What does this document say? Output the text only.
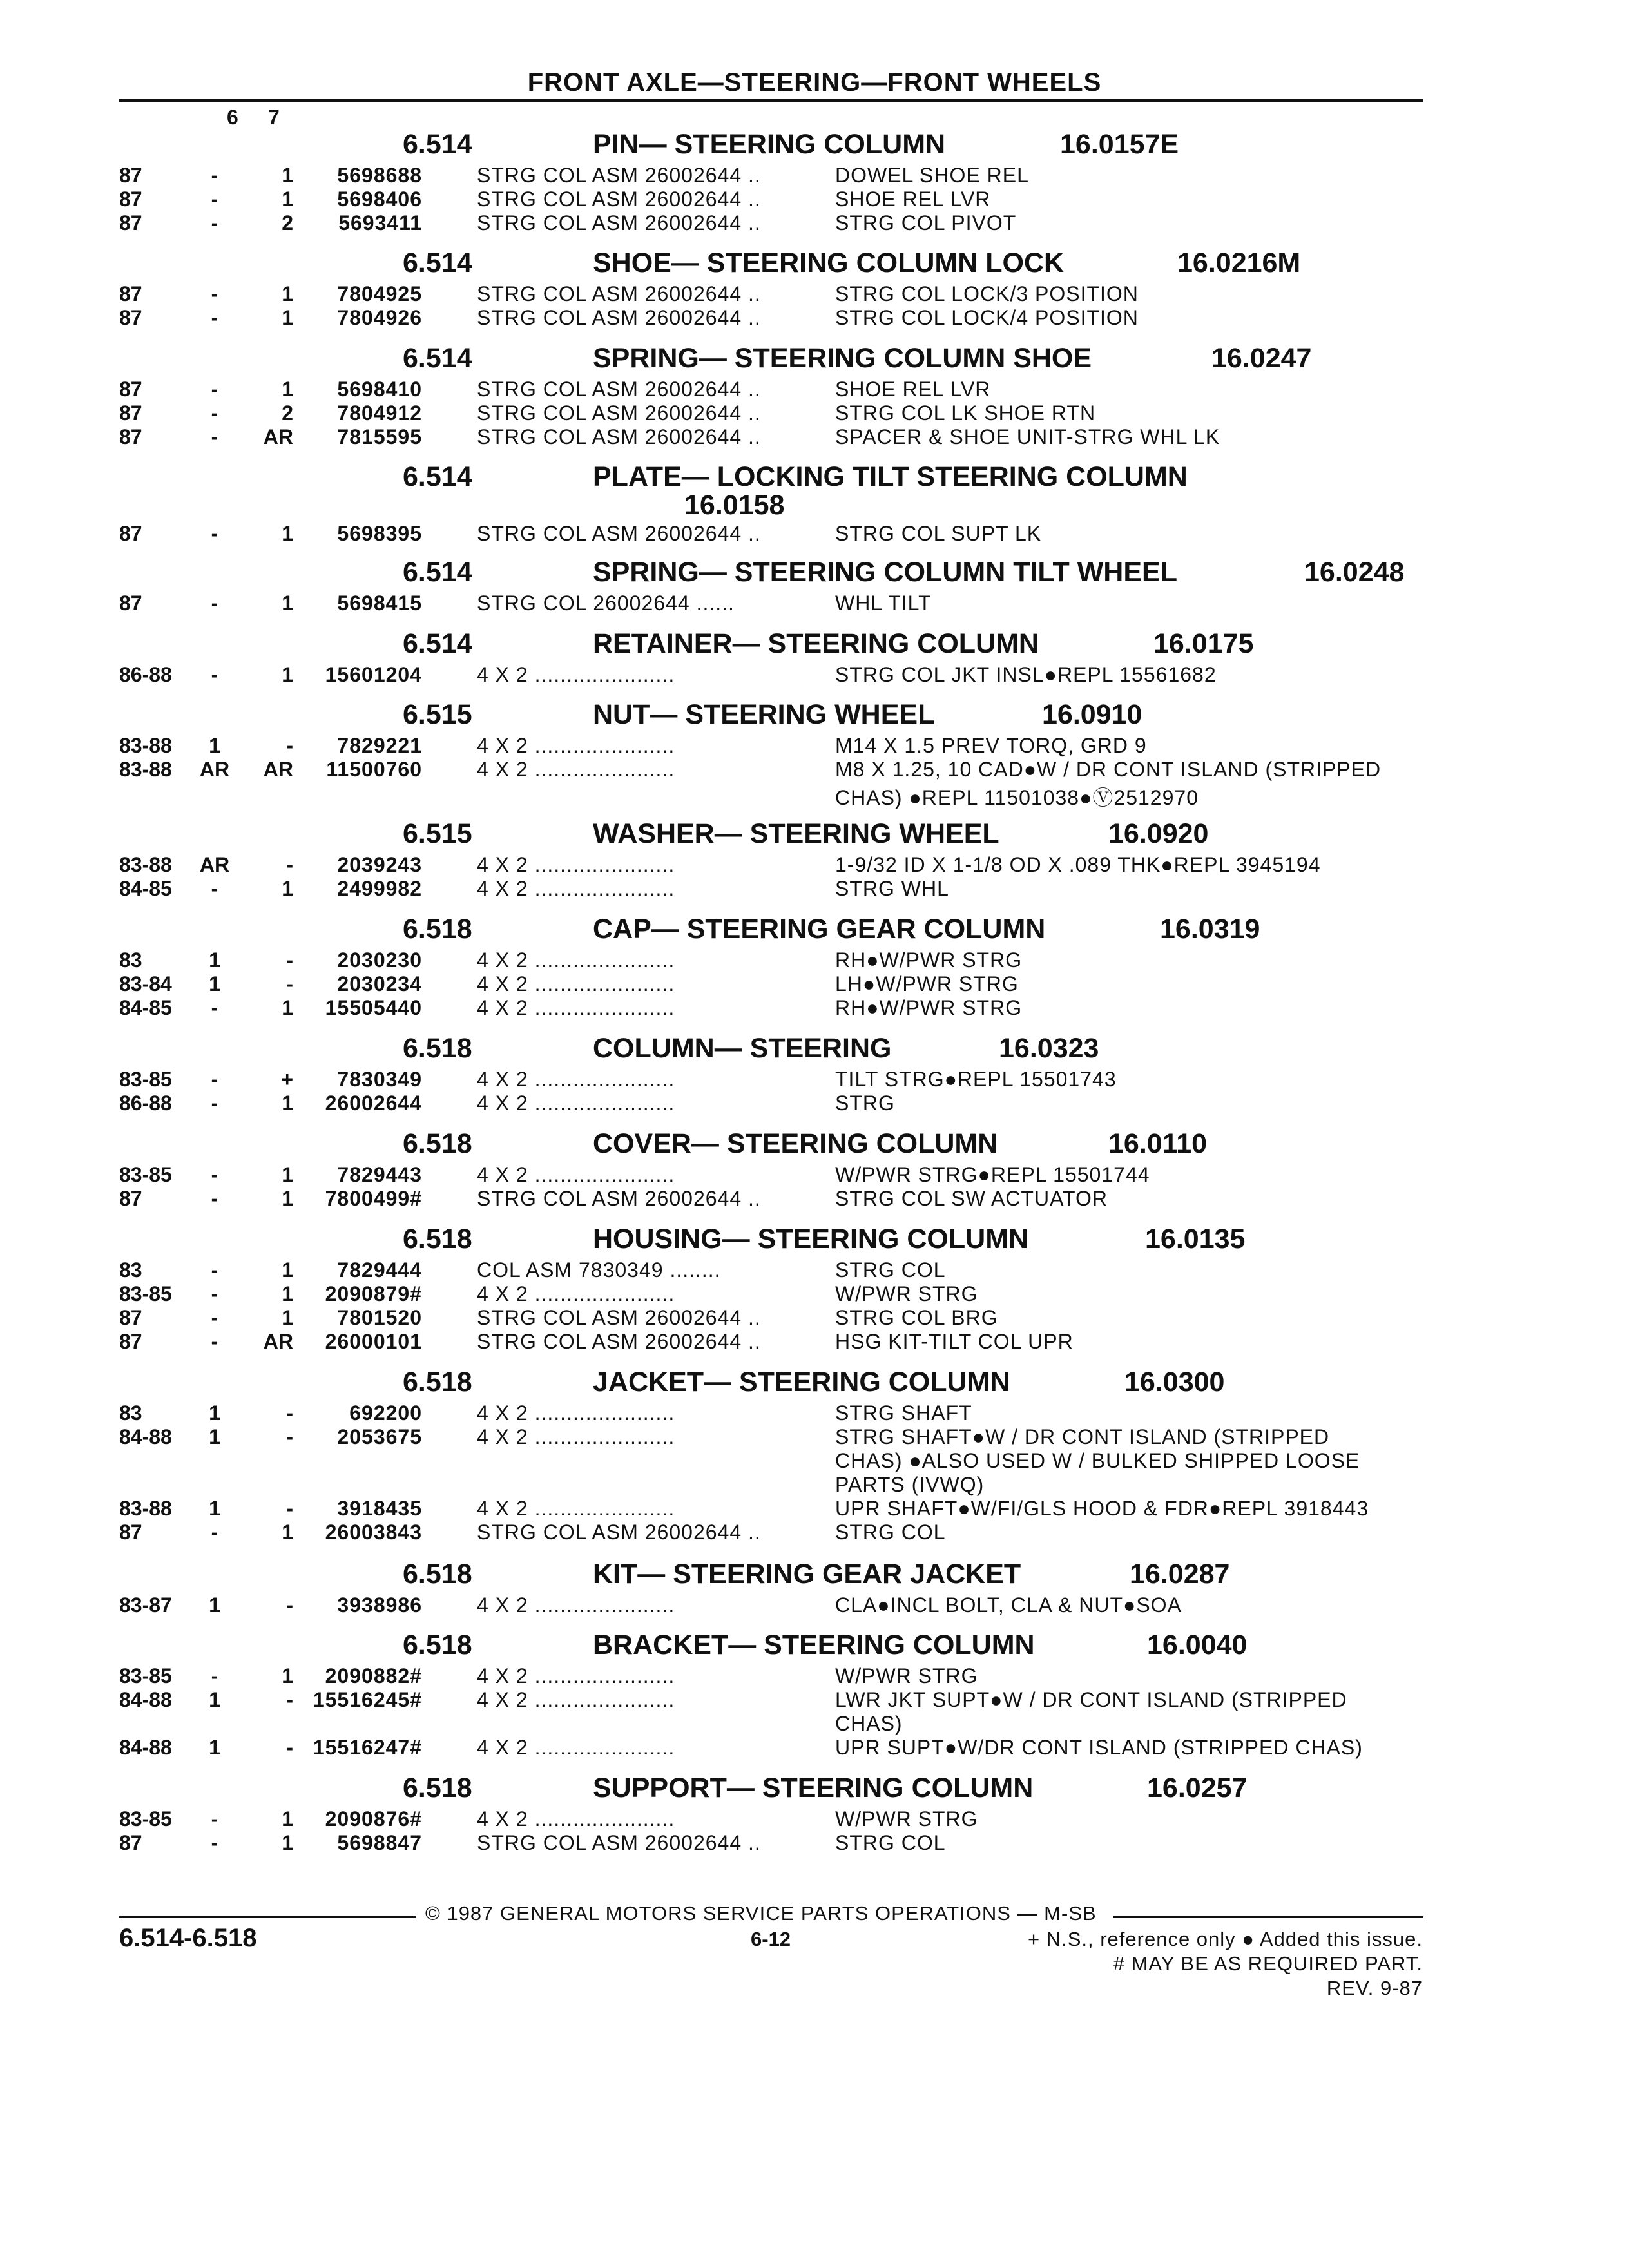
FRONT AXLE—STEERING—FRONT WHEELS
6 7
6.514	PIN— STEERING COLUMN	16.0157E
87	-	1	5698688	STRG COL ASM 26002644 ..	DOWEL SHOE REL
87	-	1	5698406	STRG COL ASM 26002644 ..	SHOE REL LVR
87	-	2	5693411	STRG COL ASM 26002644 ..	STRG COL PIVOT
6.514	SHOE— STEERING COLUMN LOCK	16.0216M
87	-	1	7804925	STRG COL ASM 26002644 ..	STRG COL LOCK/3 POSITION
87	-	1	7804926	STRG COL ASM 26002644 ..	STRG COL LOCK/4 POSITION
6.514	SPRING— STEERING COLUMN SHOE	16.0247
87	-	1	5698410	STRG COL ASM 26002644 ..	SHOE REL LVR
87	-	2	7804912	STRG COL ASM 26002644 ..	STRG COL LK SHOE RTN
87	-	AR	7815595	STRG COL ASM 26002644 ..	SPACER & SHOE UNIT-STRG WHL LK
6.514	PLATE— LOCKING TILT STEERING COLUMN
16.0158
87	-	1	5698395	STRG COL ASM 26002644 ..	STRG COL SUPT LK
6.514	SPRING— STEERING COLUMN TILT WHEEL	16.0248
87	-	1	5698415	STRG COL 26002644 ......	WHL TILT
6.514	RETAINER— STEERING COLUMN	16.0175
86-88	-	1	15601204	4 X 2 ......................	STRG COL JKT INSL●REPL 15561682
6.515	NUT— STEERING WHEEL	16.0910
83-88	1	-	7829221	4 X 2 ......................	M14 X 1.5 PREV TORQ, GRD 9
83-88	AR	AR	11500760	4 X 2 ......................	M8 X 1.25, 10 CAD●W / DR CONT ISLAND (STRIPPED
CHAS) ●REPL 11501038●Ⓥ2512970
6.515	WASHER— STEERING WHEEL	16.0920
83-88	AR	-	2039243	4 X 2 ......................	1-9/32 ID X 1-1/8 OD X .089 THK●REPL 3945194
84-85	-	1	2499982	4 X 2 ......................	STRG WHL
6.518	CAP— STEERING GEAR COLUMN	16.0319
83	1	-	2030230	4 X 2 ......................	RH●W/PWR STRG
83-84	1	-	2030234	4 X 2 ......................	LH●W/PWR STRG
84-85	-	1	15505440	4 X 2 ......................	RH●W/PWR STRG
6.518	COLUMN— STEERING	16.0323
83-85	-	+	7830349	4 X 2 ......................	TILT STRG●REPL 15501743
86-88	-	1	26002644	4 X 2 ......................	STRG
6.518	COVER— STEERING COLUMN	16.0110
83-85	-	1	7829443	4 X 2 ......................	W/PWR STRG●REPL 15501744
87	-	1	7800499#	STRG COL ASM 26002644 ..	STRG COL SW ACTUATOR
6.518	HOUSING— STEERING COLUMN	16.0135
83	-	1	7829444	COL ASM 7830349 ........	STRG COL
83-85	-	1	2090879#	4 X 2 ......................	W/PWR STRG
87	-	1	7801520	STRG COL ASM 26002644 ..	STRG COL BRG
87	-	AR	26000101	STRG COL ASM 26002644 ..	HSG KIT-TILT COL UPR
6.518	JACKET— STEERING COLUMN	16.0300
83	1	-	692200	4 X 2 ......................	STRG SHAFT
84-88	1	-	2053675	4 X 2 ......................	STRG SHAFT●W / DR CONT ISLAND (STRIPPED
CHAS) ●ALSO USED W / BULKED SHIPPED LOOSE
PARTS (IVWQ)
83-88	1	-	3918435	4 X 2 ......................	UPR SHAFT●W/FI/GLS HOOD & FDR●REPL 3918443
87	-	1	26003843	STRG COL ASM 26002644 ..	STRG COL
6.518	KIT— STEERING GEAR JACKET	16.0287
83-87	1	-	3938986	4 X 2 ......................	CLA●INCL BOLT, CLA & NUT●SOA
6.518	BRACKET— STEERING COLUMN	16.0040
83-85	-	1	2090882#	4 X 2 ......................	W/PWR STRG
84-88	1	- 15516245#	4 X 2 ......................	LWR JKT SUPT●W / DR CONT ISLAND (STRIPPED
CHAS)
84-88	1	- 15516247#	4 X 2 ......................	UPR SUPT●W/DR CONT ISLAND (STRIPPED CHAS)
6.518	SUPPORT— STEERING COLUMN	16.0257
83-85	-	1	2090876#	4 X 2 ......................	W/PWR STRG
87	-	1	5698847	STRG COL ASM 26002644 ..	STRG COL
© 1987 GENERAL MOTORS SERVICE PARTS OPERATIONS — M-SB
6.514-6.518	6-12	+ N.S., reference only ● Added this issue.
# MAY BE AS REQUIRED PART.
REV. 9-87
